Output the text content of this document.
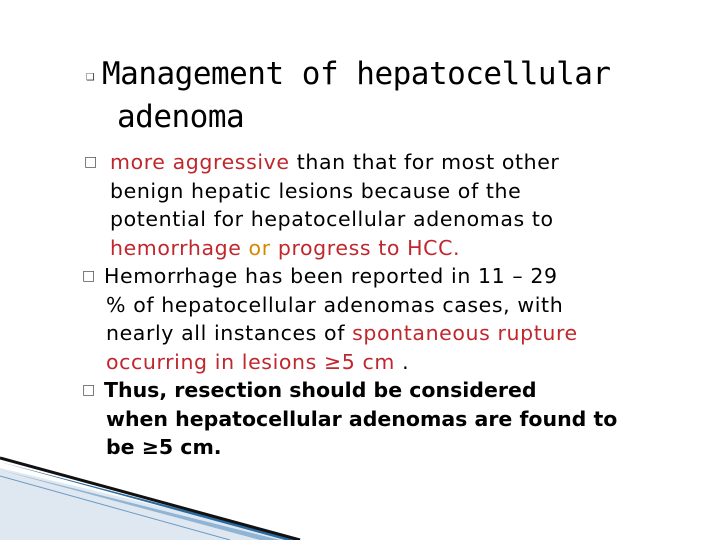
❑ Management of hepatocellular
adenoma
□ more aggressive than that for most other
benign hepatic lesions because of the
potential for hepatocellular adenomas to
hemorrhage or progress to HCC.
□ Hemorrhage has been reported in 11 – 29
% of hepatocellular adenomas cases, with
nearly all instances of spontaneous rupture
occurring in lesions ≥5 cm .
□ Thus, resection should be considered
when hepatocellular adenomas are found to
be ≥5 cm.
